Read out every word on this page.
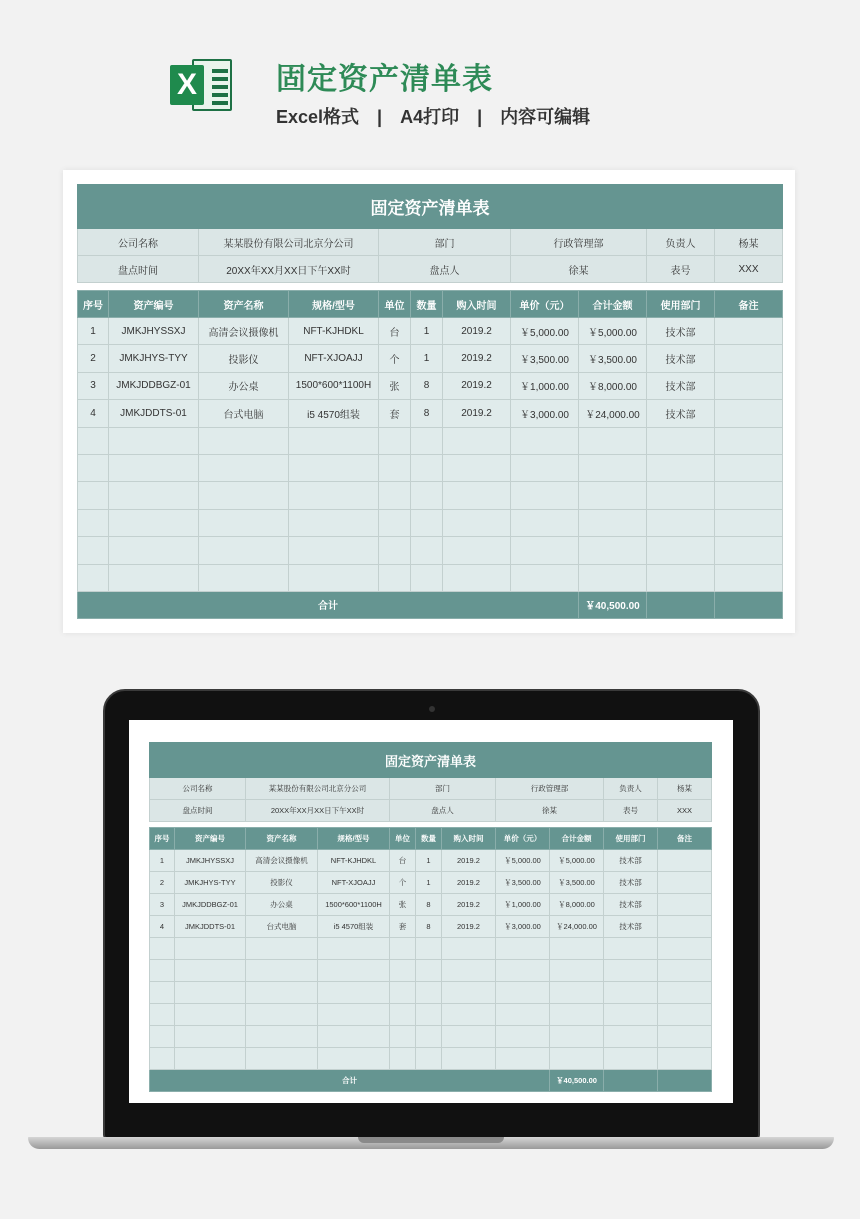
X	固定资产清单表
Excel格式 | A4打印 | 内容可编辑
固定资产清单表										
公司名称		某某股份有限公司北京分公司		部门			行政管理部		负责人	杨某
盘点时间		20XX年XX月XX日下午XX时		盘点人			徐某		表号	XXX

序号	资产编号	资产名称	规格/型号	单位	数量	购入时间	单价（元）	合计金额	使用部门	备注
1	JMKJHYSSXJ	高清会议摄像机	NFT-KJHDKL	台	1	2019.2	￥5,000.00	￥5,000.00	技术部	
2	JMKJHYS-TYY	投影仪	NFT-XJOAJJ	个	1	2019.2	￥3,500.00	￥3,500.00	技术部	
3	JMKJDDBGZ-01	办公桌	1500*600*1100H	张	8	2019.2	￥1,000.00	￥8,000.00	技术部	
4	JMKJDDTS-01	台式电脑	i5 4570组装	套	8	2019.2	￥3,000.00	￥24,000.00	技术部	

合计								￥40,500.00		
固定资产清单表										
公司名称		某某股份有限公司北京分公司		部门			行政管理部		负责人	杨某
盘点时间		20XX年XX月XX日下午XX时		盘点人			徐某		表号	XXX

序号	资产编号	资产名称	规格/型号	单位	数量	购入时间	单价（元）	合计金额	使用部门	备注
1	JMKJHYSSXJ	高清会议摄像机	NFT-KJHDKL	台	1	2019.2	￥5,000.00	￥5,000.00	技术部	
2	JMKJHYS-TYY	投影仪	NFT-XJOAJJ	个	1	2019.2	￥3,500.00	￥3,500.00	技术部	
3	JMKJDDBGZ-01	办公桌	1500*600*1100H	张	8	2019.2	￥1,000.00	￥8,000.00	技术部	
4	JMKJDDTS-01	台式电脑	i5 4570组装	套	8	2019.2	￥3,000.00	￥24,000.00	技术部	

合计								￥40,500.00		
